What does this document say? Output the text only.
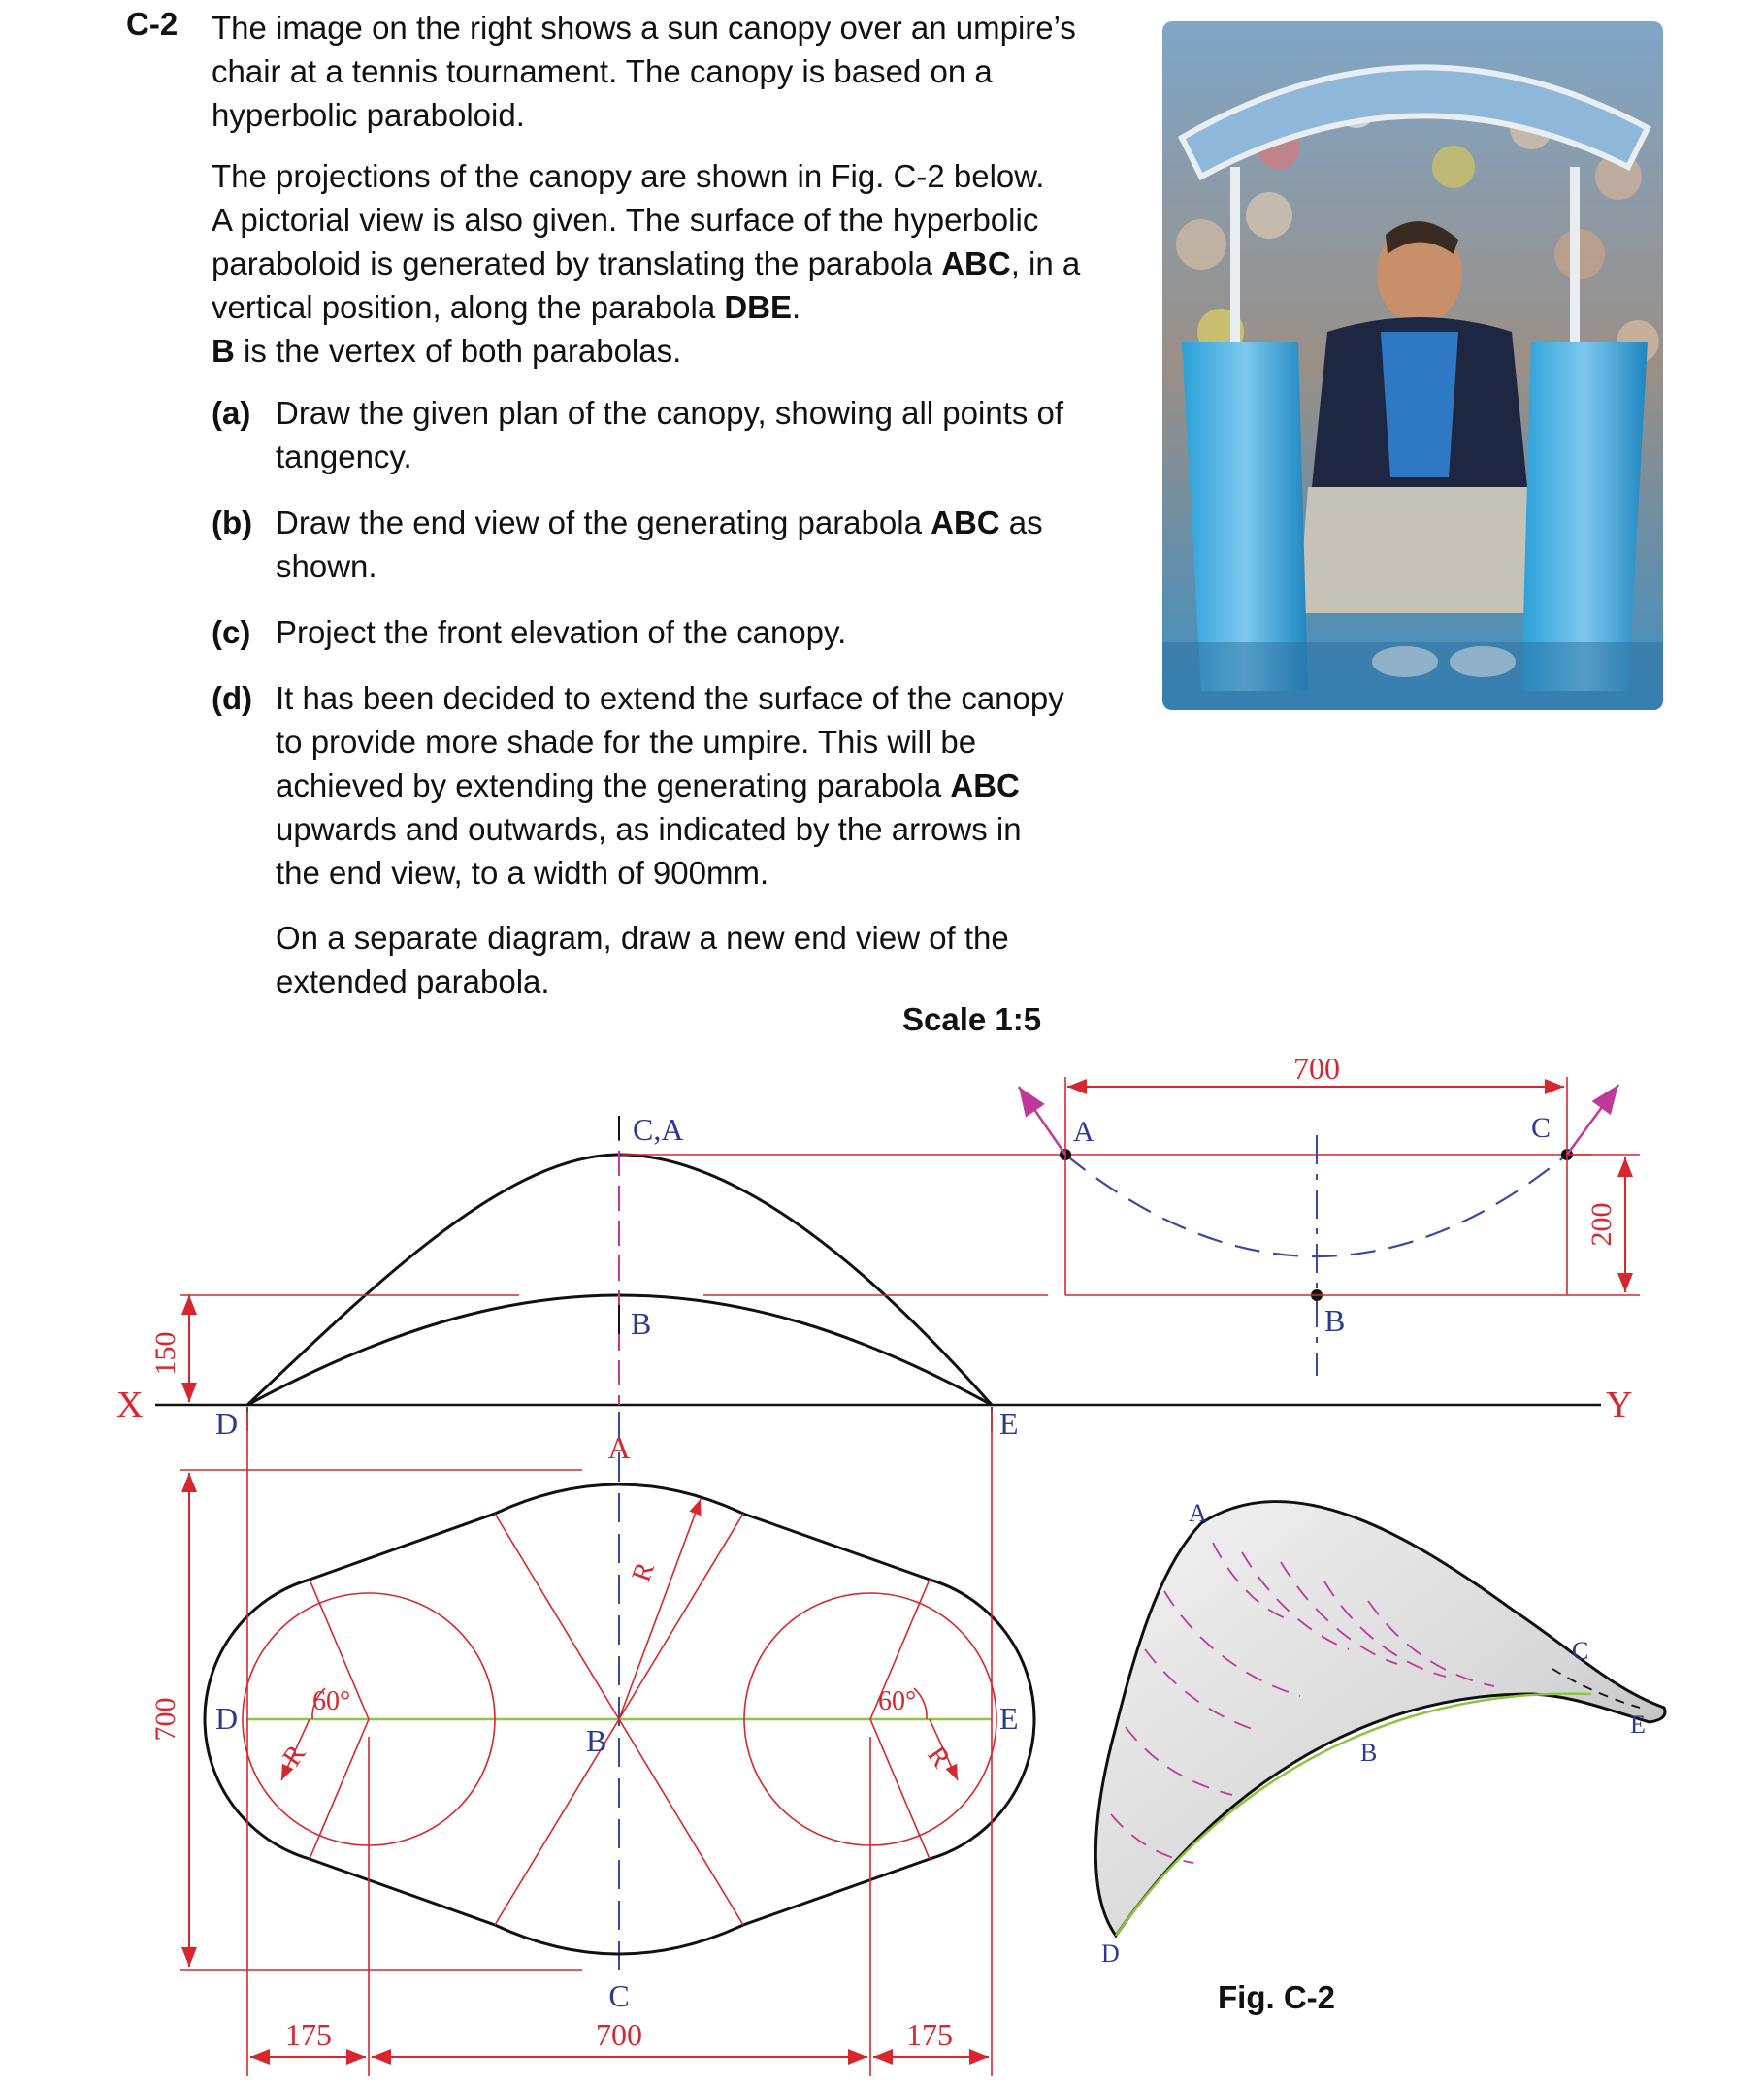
C-2 The image on the right shows a sun canopy over an umpire’s
chair at a tennis tournament. The canopy is based on a
hyperbolic paraboloid.
The projections of the canopy are shown in Fig. C-2 below.
A pictorial view is also given. The surface of the hyperbolic
paraboloid is generated by translating the parabola ABC, in a
vertical position, along the parabola DBE.
B is the vertex of both parabolas.
(a) Draw the given plan of the canopy, showing all points of
tangency.
(b) Draw the end view of the generating parabola ABC as
shown.
(c) Project the front elevation of the canopy.
(d) It has been decided to extend the surface of the canopy
to provide more shade for the umpire. This will be
achieved by extending the generating parabola ABC
upwards and outwards, as indicated by the arrows in
the end view, to a width of 900mm.
On a separate diagram, draw a new end view of the
extended parabola.
Scale 1:5
Fig. C-2
X	Y
150
C,A
B
D	E
700
200
A	C
B
700
175	700	175
A
C
B
D	E
60°	60°
R
R	R
A
B
C
D
E
